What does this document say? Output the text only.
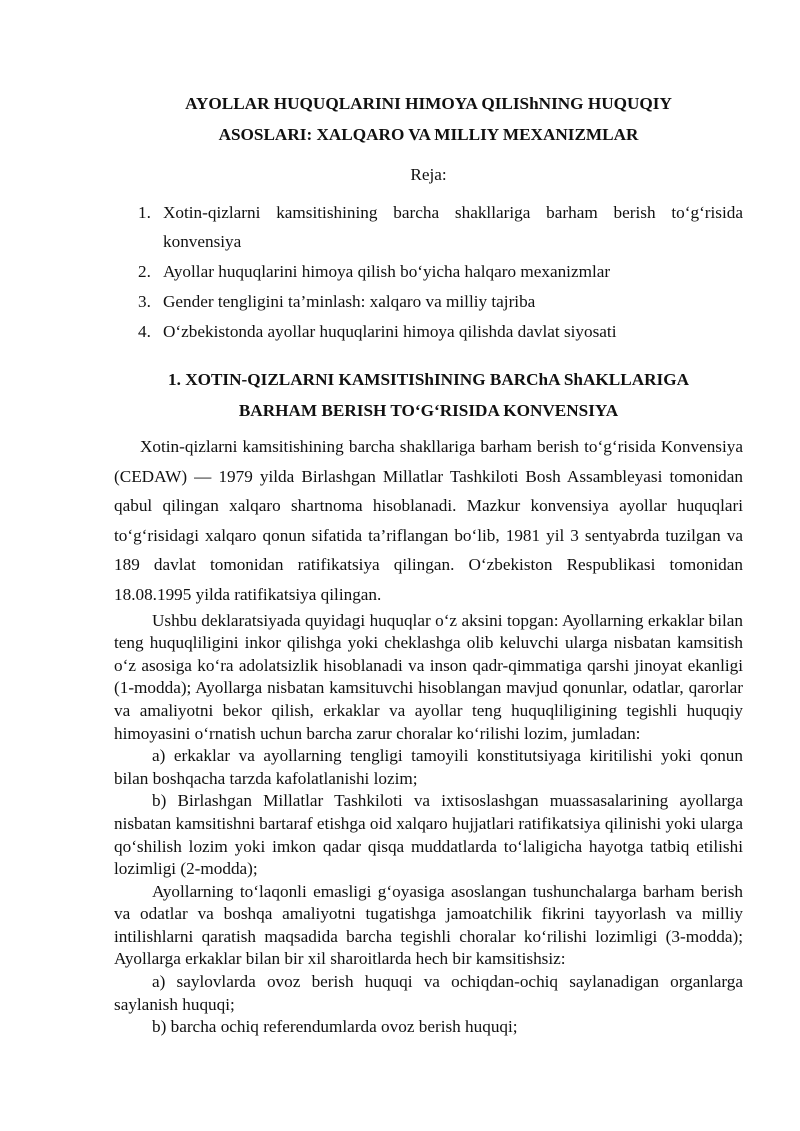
AYOLLAR HUQUQLARINI HIMOYA QILIShNING HUQUQIY
ASOSLARI: XALQARO VA MILLIY MEXANIZMLAR

Reja:

1. Xotin-qizlarni kamsitishining barcha shakllariga barham berish to‘g‘risida konvensiya
2. Ayollar huquqlarini himoya qilish bo‘yicha halqaro mexanizmlar
3. Gender tengligini ta’minlash: xalqaro va milliy tajriba
4. O‘zbekistonda ayollar huquqlarini himoya qilishda davlat siyosati

1. XOTIN-QIZLARNI KAMSITIShINING BARChA ShAKLLARIGA
BARHAM BERISH TO‘G‘RISIDA KONVENSIYA

Xotin-qizlarni kamsitishining barcha shakllariga barham berish to‘g‘risida Konvensiya (CEDAW) — 1979 yilda Birlashgan Millatlar Tashkiloti Bosh Assambleyasi tomonidan qabul qilingan xalqaro shartnoma hisoblanadi. Mazkur konvensiya ayollar huquqlari to‘g‘risidagi xalqaro qonun sifatida ta’riflangan bo‘lib, 1981 yil 3 sentyabrda tuzilgan va 189 davlat tomonidan ratifikatsiya qilingan. O‘zbekiston Respublikasi tomonidan 18.08.1995 yilda ratifikatsiya qilingan.

Ushbu deklaratsiyada quyidagi huquqlar o‘z aksini topgan: Ayollarning erkaklar bilan teng huquqliligini inkor qilishga yoki cheklashga olib keluvchi ularga nisbatan kamsitish o‘z asosiga ko‘ra adolatsizlik hisoblanadi va inson qadr-qimmatiga qarshi jinoyat ekanligi (1-modda); Ayollarga nisbatan kamsituvchi hisoblangan mavjud qonunlar, odatlar, qarorlar va amaliyotni bekor qilish, erkaklar va ayollar teng huquqliligining tegishli huquqiy himoyasini o‘rnatish uchun barcha zarur choralar ko‘rilishi lozim, jumladan:

a) erkaklar va ayollarning tengligi tamoyili konstitutsiyaga kiritilishi yoki qonun bilan boshqacha tarzda kafolatlanishi lozim;

b) Birlashgan Millatlar Tashkiloti va ixtisoslashgan muassasalarining ayollarga nisbatan kamsitishni bartaraf etishga oid xalqaro hujjatlari ratifikatsiya qilinishi yoki ularga qo‘shilish lozim yoki imkon qadar qisqa muddatlarda to‘laligicha hayotga tatbiq etilishi lozimligi (2-modda);

Ayollarning to‘laqonli emasligi g‘oyasiga asoslangan tushunchalarga barham berish va odatlar va boshqa amaliyotni tugatishga jamoatchilik fikrini tayyorlash va milliy intilishlarni qaratish maqsadida barcha tegishli choralar ko‘rilishi lozimligi (3-modda); Ayollarga erkaklar bilan bir xil sharoitlarda hech bir kamsitishsiz:

a) saylovlarda ovoz berish huquqi va ochiqdan-ochiq saylanadigan organlarga saylanish huquqi;

b) barcha ochiq referendumlarda ovoz berish huquqi;
